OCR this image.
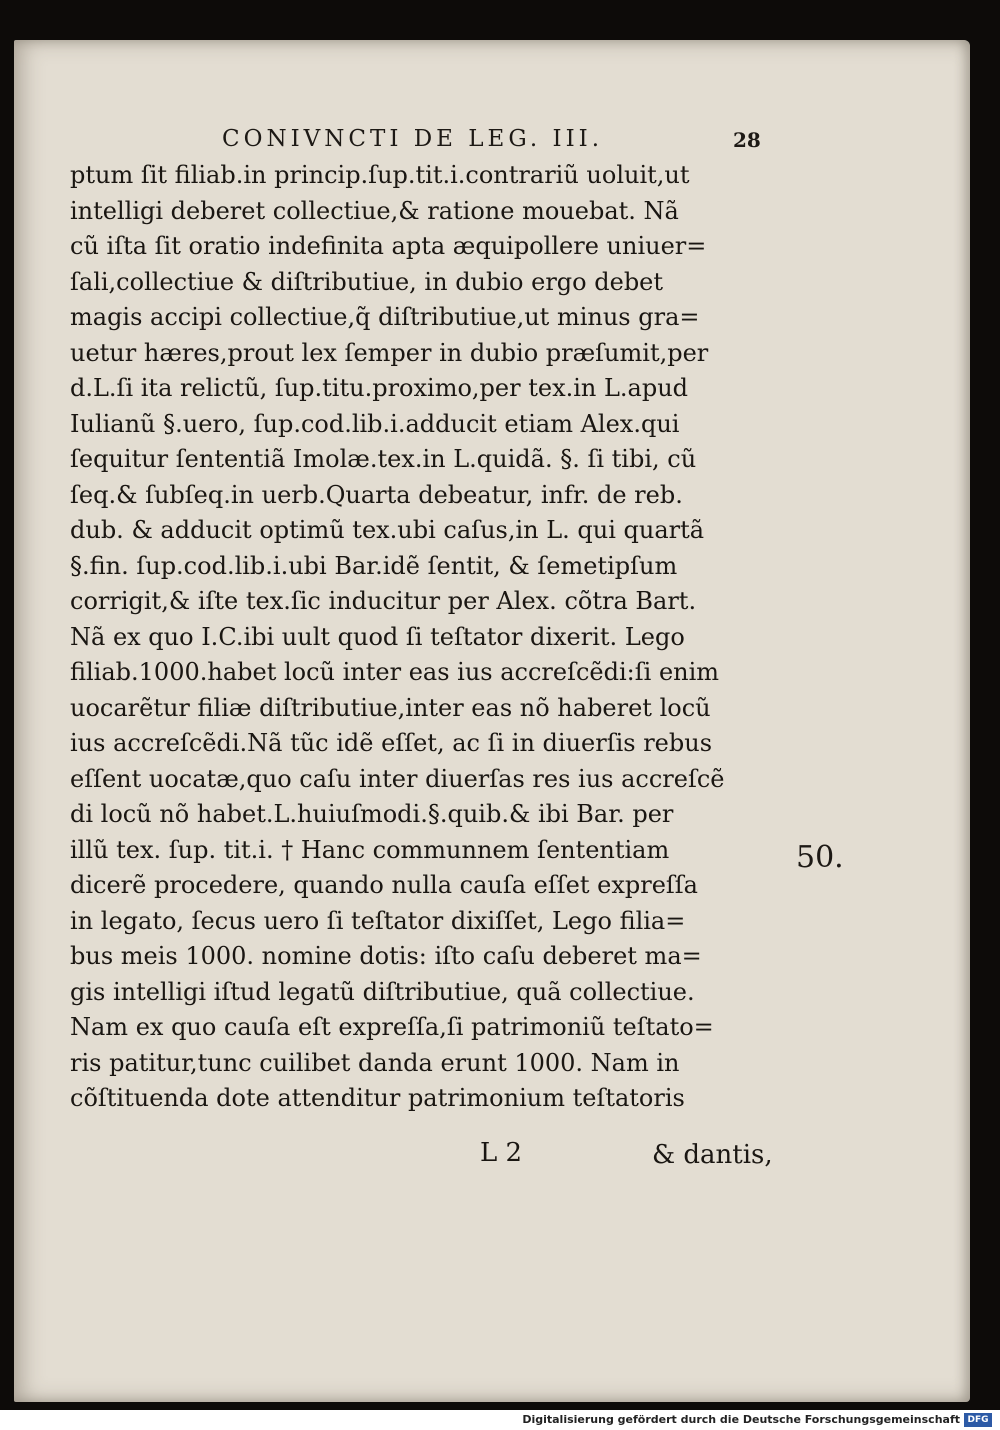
CONIVNCTI DE LEG. III.	28
ptum ſit filiab.in princip.ſup.tit.i.contrariũ uoluit,ut
intelligi deberet collectiue,& ratione mouebat. Nã
cũ iſta ſit oratio indefinita apta æquipollere uniuer=
ſali,collectiue & diſtributiue, in dubio ergo debet
magis accipi collectiue,q̃ diſtributiue,ut minus gra=
uetur hæres,prout lex ſemper in dubio præſumit,per
d.L.ſi ita relictũ, ſup.titu.proximo,per tex.in L.apud
Iulianũ §.uero, ſup.cod.lib.i.adducit etiam Alex.qui
ſequitur ſententiã Imolæ.tex.in L.quidã. §. ſi tibi, cũ
ſeq.& ſubſeq.in uerb.Quarta debeatur, infr. de reb.
dub. & adducit optimũ tex.ubi caſus,in L. qui quartã
§.fin. ſup.cod.lib.i.ubi Bar.idẽ ſentit, & ſemetipſum
corrigit,& iſte tex.ſic inducitur per Alex. cõtra Bart.
Nã ex quo I.C.ibi uult quod ſi teſtator dixerit. Lego
filiab.1000.habet locũ inter eas ius accreſcẽdi:ſi enim
uocarẽtur filiæ diſtributiue,inter eas nõ haberet locũ
ius accreſcẽdi.Nã tũc idẽ eſſet, ac ſi in diuerſis rebus
eſſent uocatæ,quo caſu inter diuerſas res ius accreſcẽ
di locũ nõ habet.L.huiuſmodi.§.quib.& ibi Bar. per
illũ tex. ſup. tit.i. † Hanc communnem ſententiam
dicerẽ procedere, quando nulla cauſa eſſet expreſſa
in legato, ſecus uero ſi teſtator dixiſſet, Lego filia=
bus meis 1000. nomine dotis: iſto caſu deberet ma=
gis intelligi iſtud legatũ diſtributiue, quã collectiue.
Nam ex quo cauſa eſt expreſſa,ſi patrimoniũ teſtato=
ris patitur,tunc cuilibet danda erunt 1000. Nam in
cõſtituenda dote attenditur patrimonium teſtatoris
50.
L 2	& dantis,
Digitalisierung gefördert durch die Deutsche Forschungsgemeinschaft DFG
